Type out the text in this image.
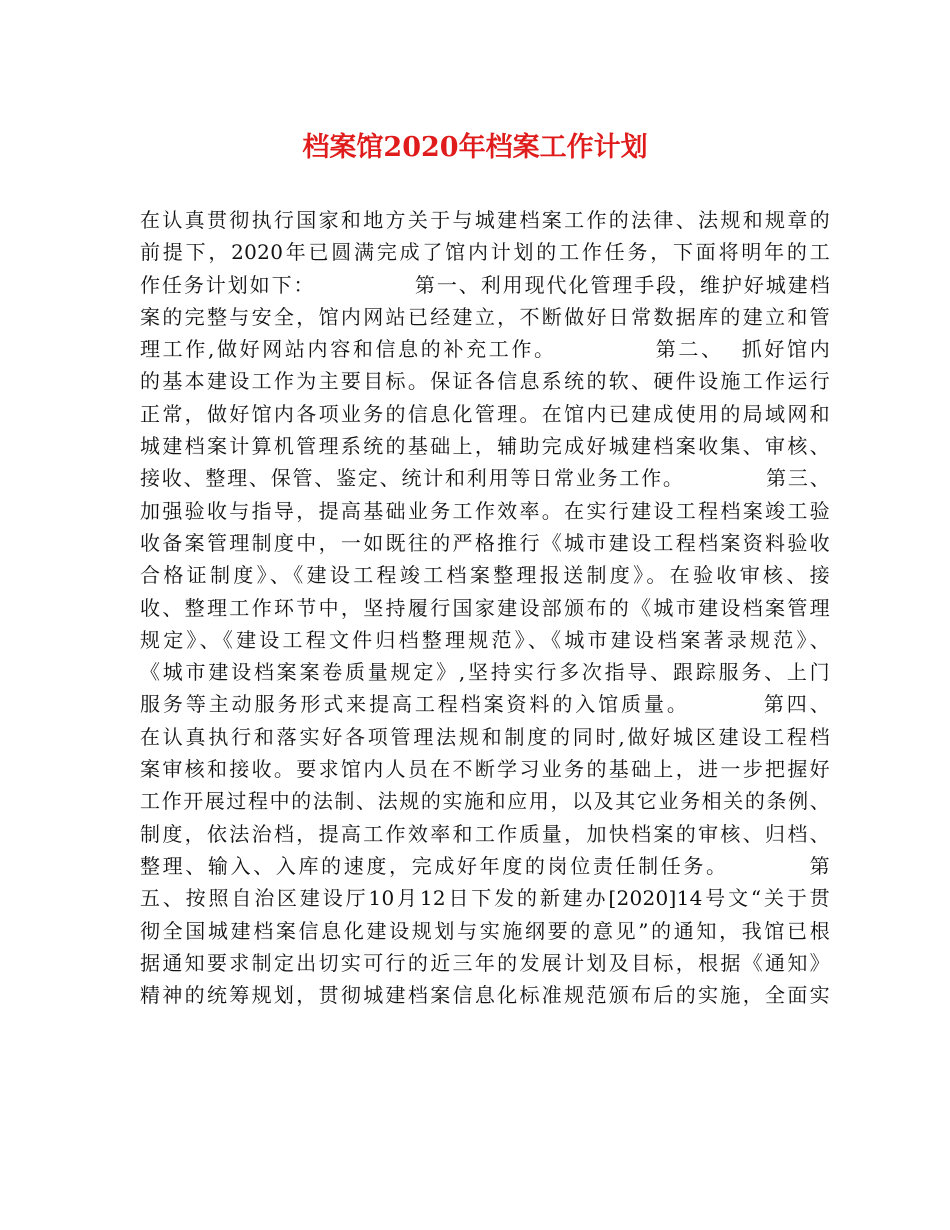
档案馆2020年档案工作计划
在认真贯彻执行国家和地方关于与城建档案工作的法律、法规和规章的
前提下，2020年已圆满完成了馆内计划的工作任务，下面将明年的工
作任务计划如下：            第一、利用现代化管理手段，维护好城建档
案的完整与安全，馆内网站已经建立，不断做好日常数据库的建立和管
理工作,做好网站内容和信息的补充工作。           第二、  抓好馆内
的基本建设工作为主要目标。保证各信息系统的软、硬件设施工作运行
正常，做好馆内各项业务的信息化管理。在馆内已建成使用的局域网和
城建档案计算机管理系统的基础上，辅助完成好城建档案收集、审核、
接收、整理、保管、鉴定、统计和利用等日常业务工作。          第三、
加强验收与指导，提高基础业务工作效率。在实行建设工程档案竣工验
收备案管理制度中，一如既往的严格推行《城市建设工程档案资料验收
合格证制度》、《建设工程竣工档案整理报送制度》。在验收审核、接
收、整理工作环节中，坚持履行国家建设部颁布的《城市建设档案管理
规定》、《建设工程文件归档整理规范》、《城市建设档案著录规范》、
《城市建设档案案卷质量规定》,坚持实行多次指导、跟踪服务、上门
服务等主动服务形式来提高工程档案资料的入馆质量。        第四、
在认真执行和落实好各项管理法规和制度的同时,做好城区建设工程档
案审核和接收。要求馆内人员在不断学习业务的基础上，进一步把握好
工作开展过程中的法制、法规的实施和应用，以及其它业务相关的条例、
制度，依法治档，提高工作效率和工作质量，加快档案的审核、归档、
整理、输入、入库的速度，完成好年度的岗位责任制任务。         第
五、按照自治区建设厅10月12日下发的新建办[2020]14号文“关于贯
彻全国城建档案信息化建设规划与实施纲要的意见”的通知，我馆已根
据通知要求制定出切实可行的近三年的发展计划及目标，根据《通知》
精神的统筹规划，贯彻城建档案信息化标准规范颁布后的实施，全面实
